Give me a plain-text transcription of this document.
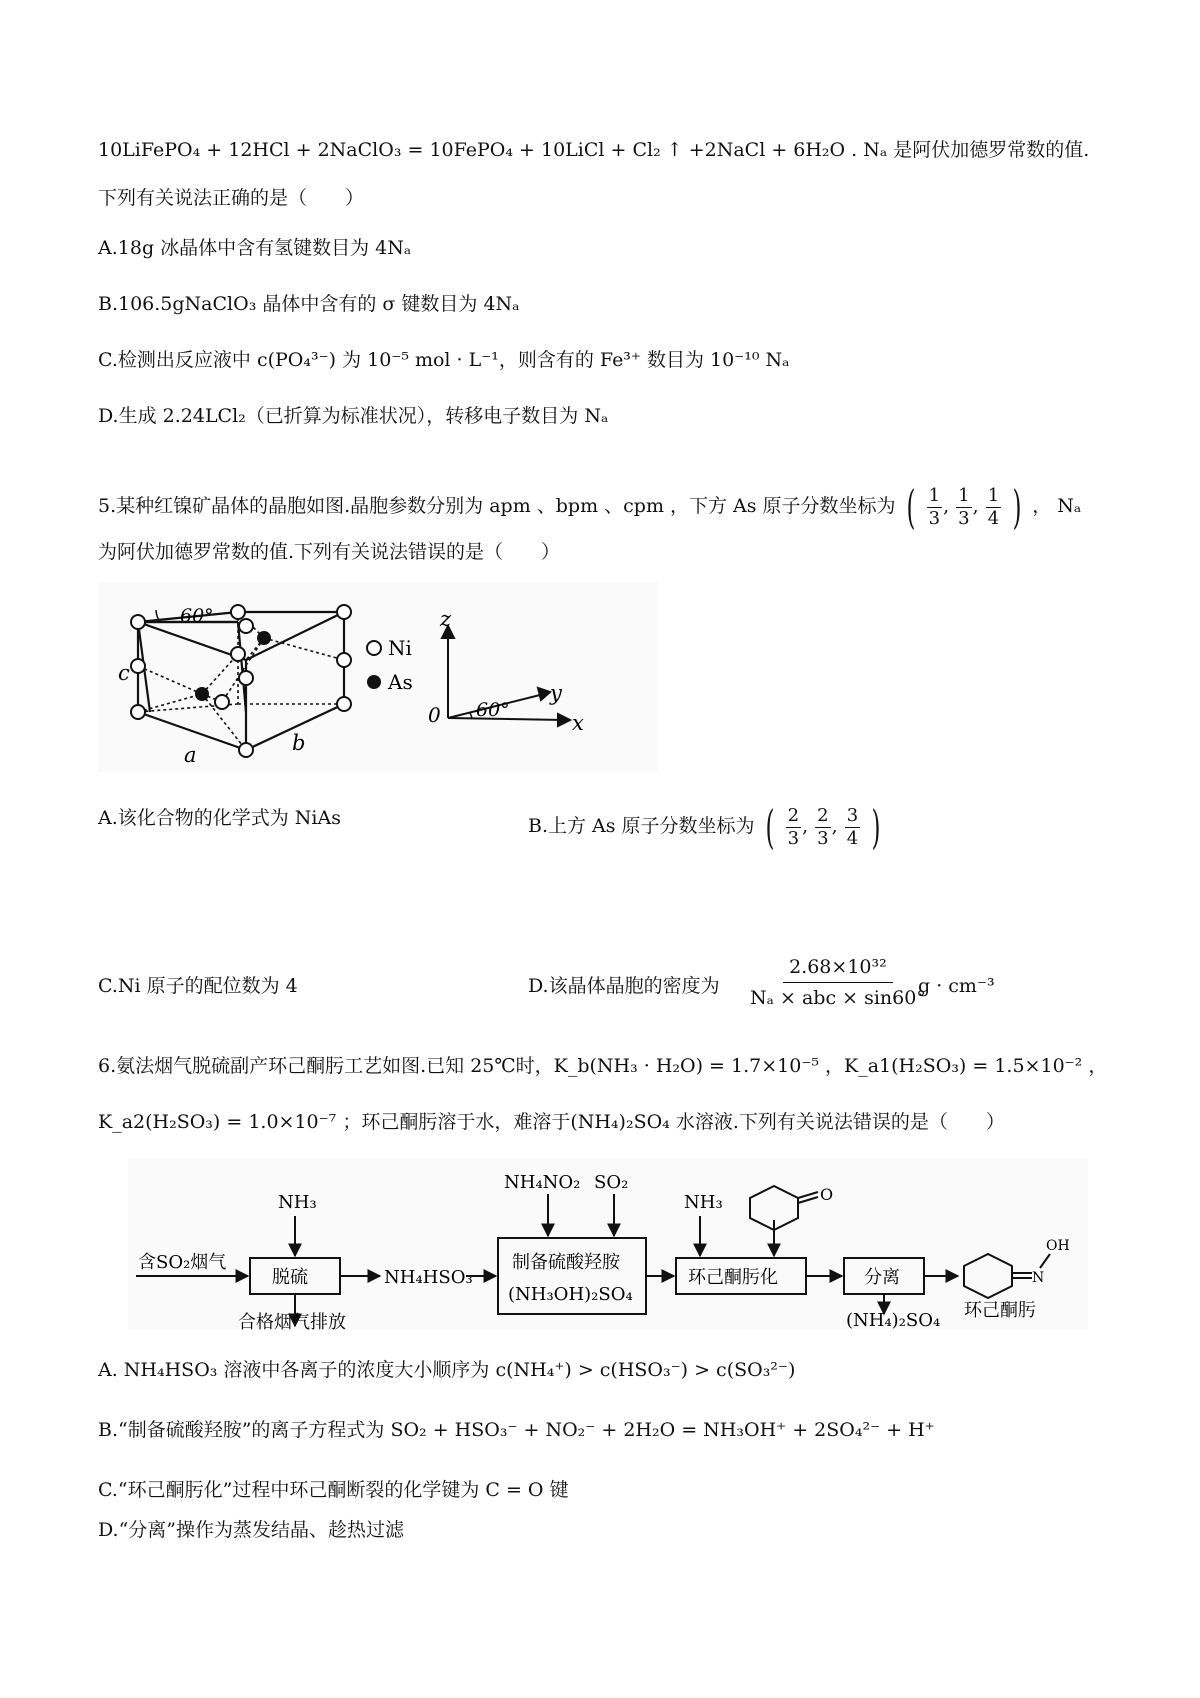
10LiFePO₄ + 12HCl + 2NaClO₃ = 10FePO₄ + 10LiCl + Cl₂ ↑ +2NaCl + 6H₂O . Nₐ 是阿伏加德罗常数的值.
下列有关说法正确的是（　　）
A.18g 冰晶体中含有氢键数目为 4Nₐ
B.106.5gNaClO₃ 晶体中含有的 σ 键数目为 4Nₐ
C.检测出反应液中 c(PO₄³⁻) 为 10⁻⁵ mol · L⁻¹，则含有的 Fe³⁺ 数目为 10⁻¹⁰ Nₐ
D.生成 2.24LCl₂（已折算为标准状况），转移电子数目为 Nₐ
5.某种红镍矿晶体的晶胞如图.晶胞参数分别为 apm 、bpm 、cpm ，下方 As 原子分数坐标为 ( $\frac{1}{3}$ , $\frac{1}{3}$ , $\frac{1}{4}$ ) ， Nₐ
为阿伏加德罗常数的值.下列有关说法错误的是（　　）
60°
c
a	b
Ni
As
z
y
x
0 60°
A.该化合物的化学式为 NiAs	B.上方 As 原子分数坐标为 ( $\frac{2}{3}$ , $\frac{2}{3}$ , $\frac{3}{4}$ )
C.Ni 原子的配位数为 4	D.该晶体晶胞的密度为
2.68×10³²
Nₐ × abc × sin60°
g · cm⁻³
6.氨法烟气脱硫副产环己酮肟工艺如图.已知 25℃时，K_b(NH₃ · H₂O) = 1.7×10⁻⁵ ，K_a1(H₂SO₃) = 1.5×10⁻² ，
K_a2(H₂SO₃) = 1.0×10⁻⁷ ；环己酮肟溶于水，难溶于(NH₄)₂SO₄ 水溶液.下列有关说法错误的是（　　）
含SO₂烟气
NH₃
脱硫
合格烟气排放
NH₄HSO₃
NH₄NO₂ SO₂
制备硫酸羟胺
(NH₃OH)₂SO₄
NH₃
环己酮肟化	分离
(NH₄)₂SO₄ 环己酮肟
O
N
OH
A. NH₄HSO₃ 溶液中各离子的浓度大小顺序为 c(NH₄⁺) > c(HSO₃⁻) > c(SO₃²⁻)
B.“制备硫酸羟胺”的离子方程式为 SO₂ + HSO₃⁻ + NO₂⁻ + 2H₂O = NH₃OH⁺ + 2SO₄²⁻ + H⁺
C.“环己酮肟化”过程中环己酮断裂的化学键为 C = O 键
D.“分离”操作为蒸发结晶、趁热过滤
